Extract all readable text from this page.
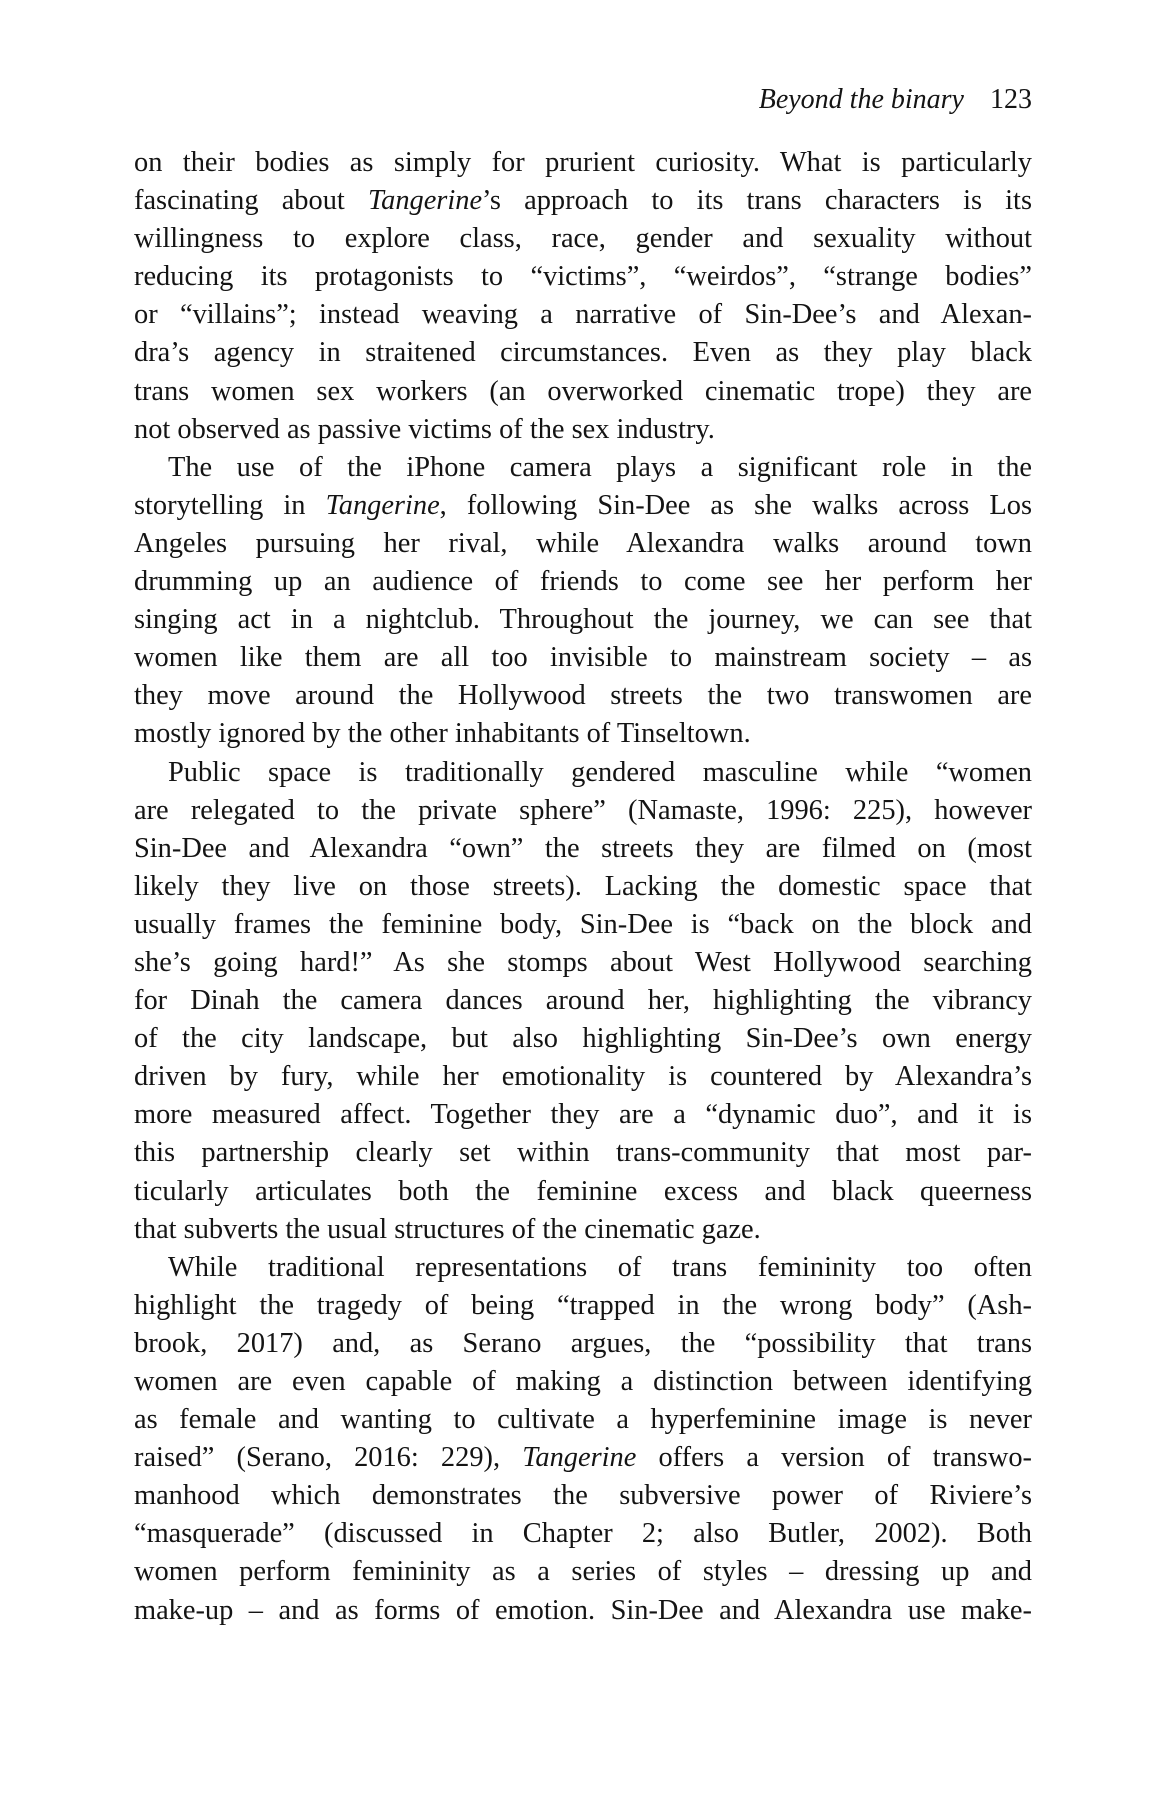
Beyond the binary 123
on their bodies as simply for prurient curiosity. What is particularly
fascinating about Tangerine’s approach to its trans characters is its
willingness to explore class, race, gender and sexuality without
reducing its protagonists to “victims”, “weirdos”, “strange bodies”
or “villains”; instead weaving a narrative of Sin-Dee’s and Alexan-
dra’s agency in straitened circumstances. Even as they play black
trans women sex workers (an overworked cinematic trope) they are
not observed as passive victims of the sex industry.
The use of the iPhone camera plays a significant role in the
storytelling in Tangerine, following Sin-Dee as she walks across Los
Angeles pursuing her rival, while Alexandra walks around town
drumming up an audience of friends to come see her perform her
singing act in a nightclub. Throughout the journey, we can see that
women like them are all too invisible to mainstream society – as
they move around the Hollywood streets the two transwomen are
mostly ignored by the other inhabitants of Tinseltown.
Public space is traditionally gendered masculine while “women
are relegated to the private sphere” (Namaste, 1996: 225), however
Sin-Dee and Alexandra “own” the streets they are filmed on (most
likely they live on those streets). Lacking the domestic space that
usually frames the feminine body, Sin-Dee is “back on the block and
she’s going hard!” As she stomps about West Hollywood searching
for Dinah the camera dances around her, highlighting the vibrancy
of the city landscape, but also highlighting Sin-Dee’s own energy
driven by fury, while her emotionality is countered by Alexandra’s
more measured affect. Together they are a “dynamic duo”, and it is
this partnership clearly set within trans-community that most par-
ticularly articulates both the feminine excess and black queerness
that subverts the usual structures of the cinematic gaze.
While traditional representations of trans femininity too often
highlight the tragedy of being “trapped in the wrong body” (Ash-
brook, 2017) and, as Serano argues, the “possibility that trans
women are even capable of making a distinction between identifying
as female and wanting to cultivate a hyperfeminine image is never
raised” (Serano, 2016: 229), Tangerine offers a version of transwo-
manhood which demonstrates the subversive power of Riviere’s
“masquerade” (discussed in Chapter 2; also Butler, 2002). Both
women perform femininity as a series of styles – dressing up and
make-up – and as forms of emotion. Sin-Dee and Alexandra use make-
